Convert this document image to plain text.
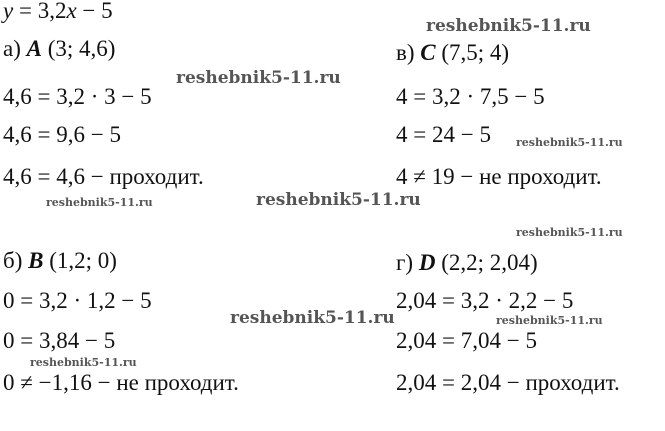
y = 3,2x − 5
а) A (3; 4,6)
4,6 = 3,2 · 3 − 5
4,6 = 9,6 − 5
4,6 = 4,6 − проходит.
в) C (7,5; 4)
4 = 3,2 · 7,5 − 5
4 = 24 − 5
4 ≠ 19 − не проходит.
б) B (1,2; 0)
0 = 3,2 · 1,2 − 5
0 = 3,84 − 5
0 ≠ −1,16 − не проходит.
г) D (2,2; 2,04)
2,04 = 3,2 · 2,2 − 5
2,04 = 7,04 − 5
2,04 = 2,04 − проходит.
reshebnik5-11.ru
reshebnik5-11.ru
reshebnik5-11.ru
reshebnik5-11.ru	reshebnik5-11.ru
reshebnik5-11.ru
reshebnik5-11.ru	reshebnik5-11.ru
reshebnik5-11.ru
